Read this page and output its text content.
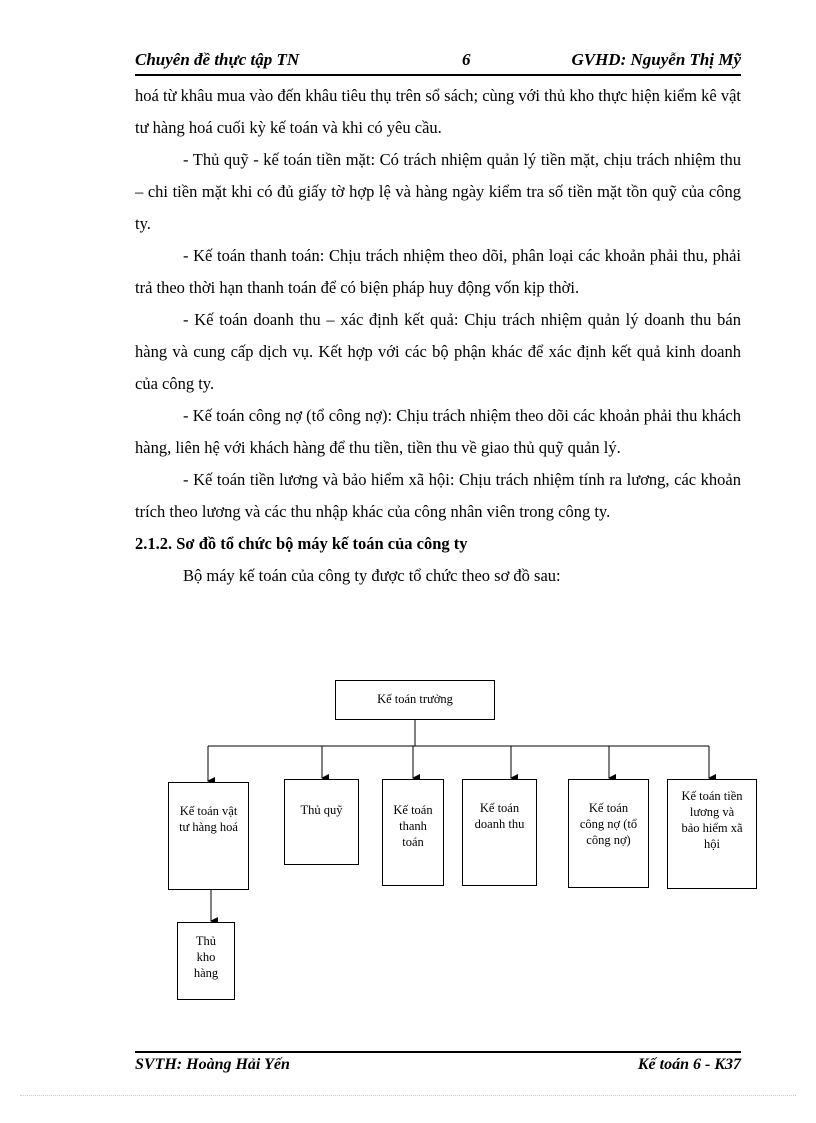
Chuyên đề thực tập TN	6	GVHD: Nguyễn Thị Mỹ

hoá từ khâu mua vào đến khâu tiêu thụ trên sổ sách; cùng với thủ kho thực hiện kiểm kê vật tư hàng hoá cuối kỳ kế toán và khi có yêu cầu.

- Thủ quỹ - kế toán tiền mặt: Có trách nhiệm quản lý tiền mặt, chịu trách nhiệm thu – chi tiền mặt khi có đủ giấy tờ hợp lệ và hàng ngày kiểm tra số tiền mặt tồn quỹ của công ty.

- Kế toán thanh toán: Chịu trách nhiệm theo dõi, phân loại các khoản phải thu, phải trả theo thời hạn thanh toán để có biện pháp huy động vốn kịp thời.

- Kế toán doanh thu – xác định kết quả: Chịu trách nhiệm quản lý doanh thu bán hàng và cung cấp dịch vụ. Kết hợp với các bộ phận khác để xác định kết quả kinh doanh của công ty.

- Kế toán công nợ (tổ công nợ): Chịu trách nhiệm theo dõi các khoản phải thu khách hàng, liên hệ với khách hàng để thu tiền, tiền thu về giao thủ quỹ quản lý.

- Kế toán tiền lương và bảo hiểm xã hội: Chịu trách nhiệm tính ra lương, các khoản trích theo lương và các thu nhập khác của công nhân viên trong công ty.

2.1.2. Sơ đồ tổ chức bộ máy kế toán của công ty

Bộ máy kế toán của công ty được tổ chức theo sơ đồ sau:

Kế toán trưởng
Kế toán vật tư hàng hoá
Thủ quỹ	Kế toán thanh toán
Kế toán doanh thu
Kế toán công nợ (tổ công nợ)
Kế toán tiền lương và bảo hiểm xã hội
Thủ kho hàng
SVTH: Hoàng Hải Yến	Kế toán 6 - K37
